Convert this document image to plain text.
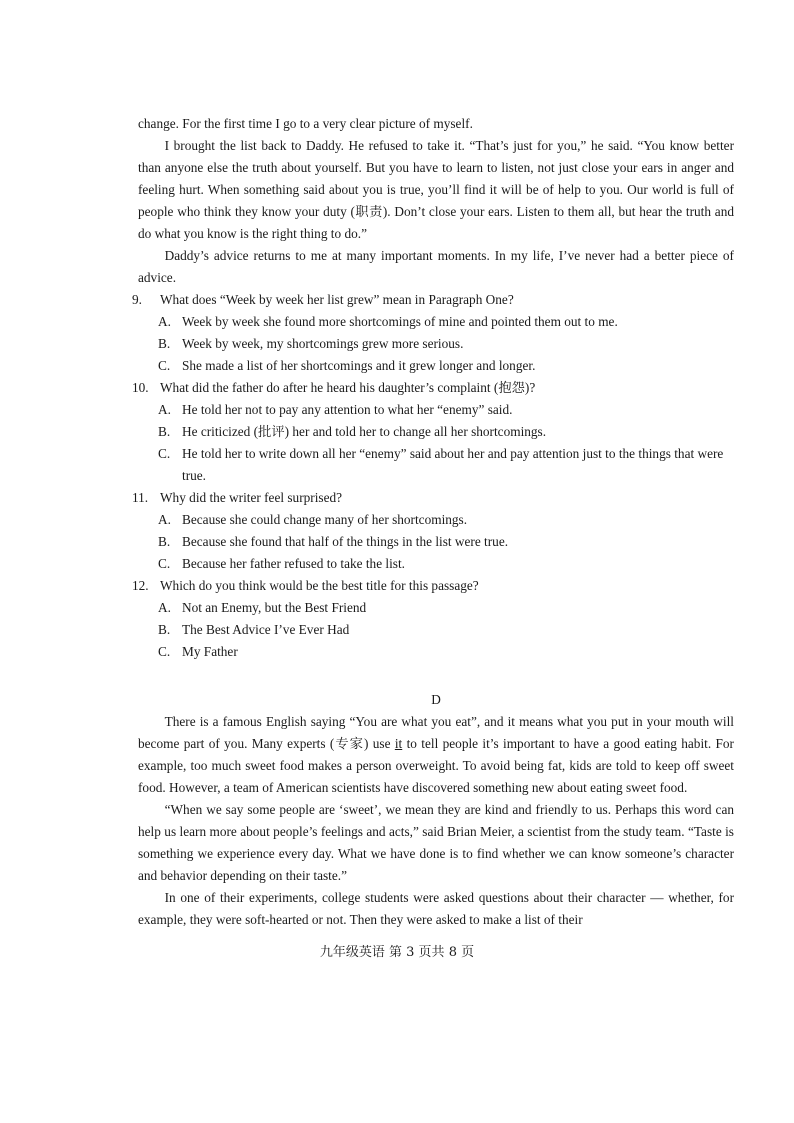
change. For the first time I go to a very clear picture of myself.

I brought the list back to Daddy. He refused to take it. “That’s just for you,” he said. “You know better than anyone else the truth about yourself. But you have to learn to listen, not just close your ears in anger and feeling hurt. When something said about you is true, you’ll find it will be of help to you. Our world is full of people who think they know your duty (职责). Don’t close your ears. Listen to them all, but hear the truth and do what you know is the right thing to do.”

Daddy’s advice returns to me at many important moments. In my life, I’ve never had a better piece of advice.

9. What does “Week by week her list grew” mean in Paragraph One?

A. Week by week she found more shortcomings of mine and pointed them out to me.

B. Week by week, my shortcomings grew more serious.

C. She made a list of her shortcomings and it grew longer and longer.

10. What did the father do after he heard his daughter’s complaint (抱怨)?

A. He told her not to pay any attention to what her “enemy” said.

B. He criticized (批评) her and told her to change all her shortcomings.

C. He told her to write down all her “enemy” said about her and pay attention just to the things that were true.

11. Why did the writer feel surprised?

A. Because she could change many of her shortcomings.

B. Because she found that half of the things in the list were true.

C. Because her father refused to take the list.

12. Which do you think would be the best title for this passage?

A. Not an Enemy, but the Best Friend

B. The Best Advice I’ve Ever Had

C. My Father

D

There is a famous English saying “You are what you eat”, and it means what you put in your mouth will become part of you. Many experts (专家) use it to tell people it’s important to have a good eating habit. For example, too much sweet food makes a person overweight. To avoid being fat, kids are told to keep off sweet food. However, a team of American scientists have discovered something new about eating sweet food.

“When we say some people are ‘sweet’, we mean they are kind and friendly to us. Perhaps this word can help us learn more about people’s feelings and acts,” said Brian Meier, a scientist from the study team. “Taste is something we experience every day. What we have done is to find whether we can know someone’s character and behavior depending on their taste.”

In one of their experiments, college students were asked questions about their character — whether, for example, they were soft-hearted or not. Then they were asked to make a list of their

九年级英语 第 3 页共 8 页
